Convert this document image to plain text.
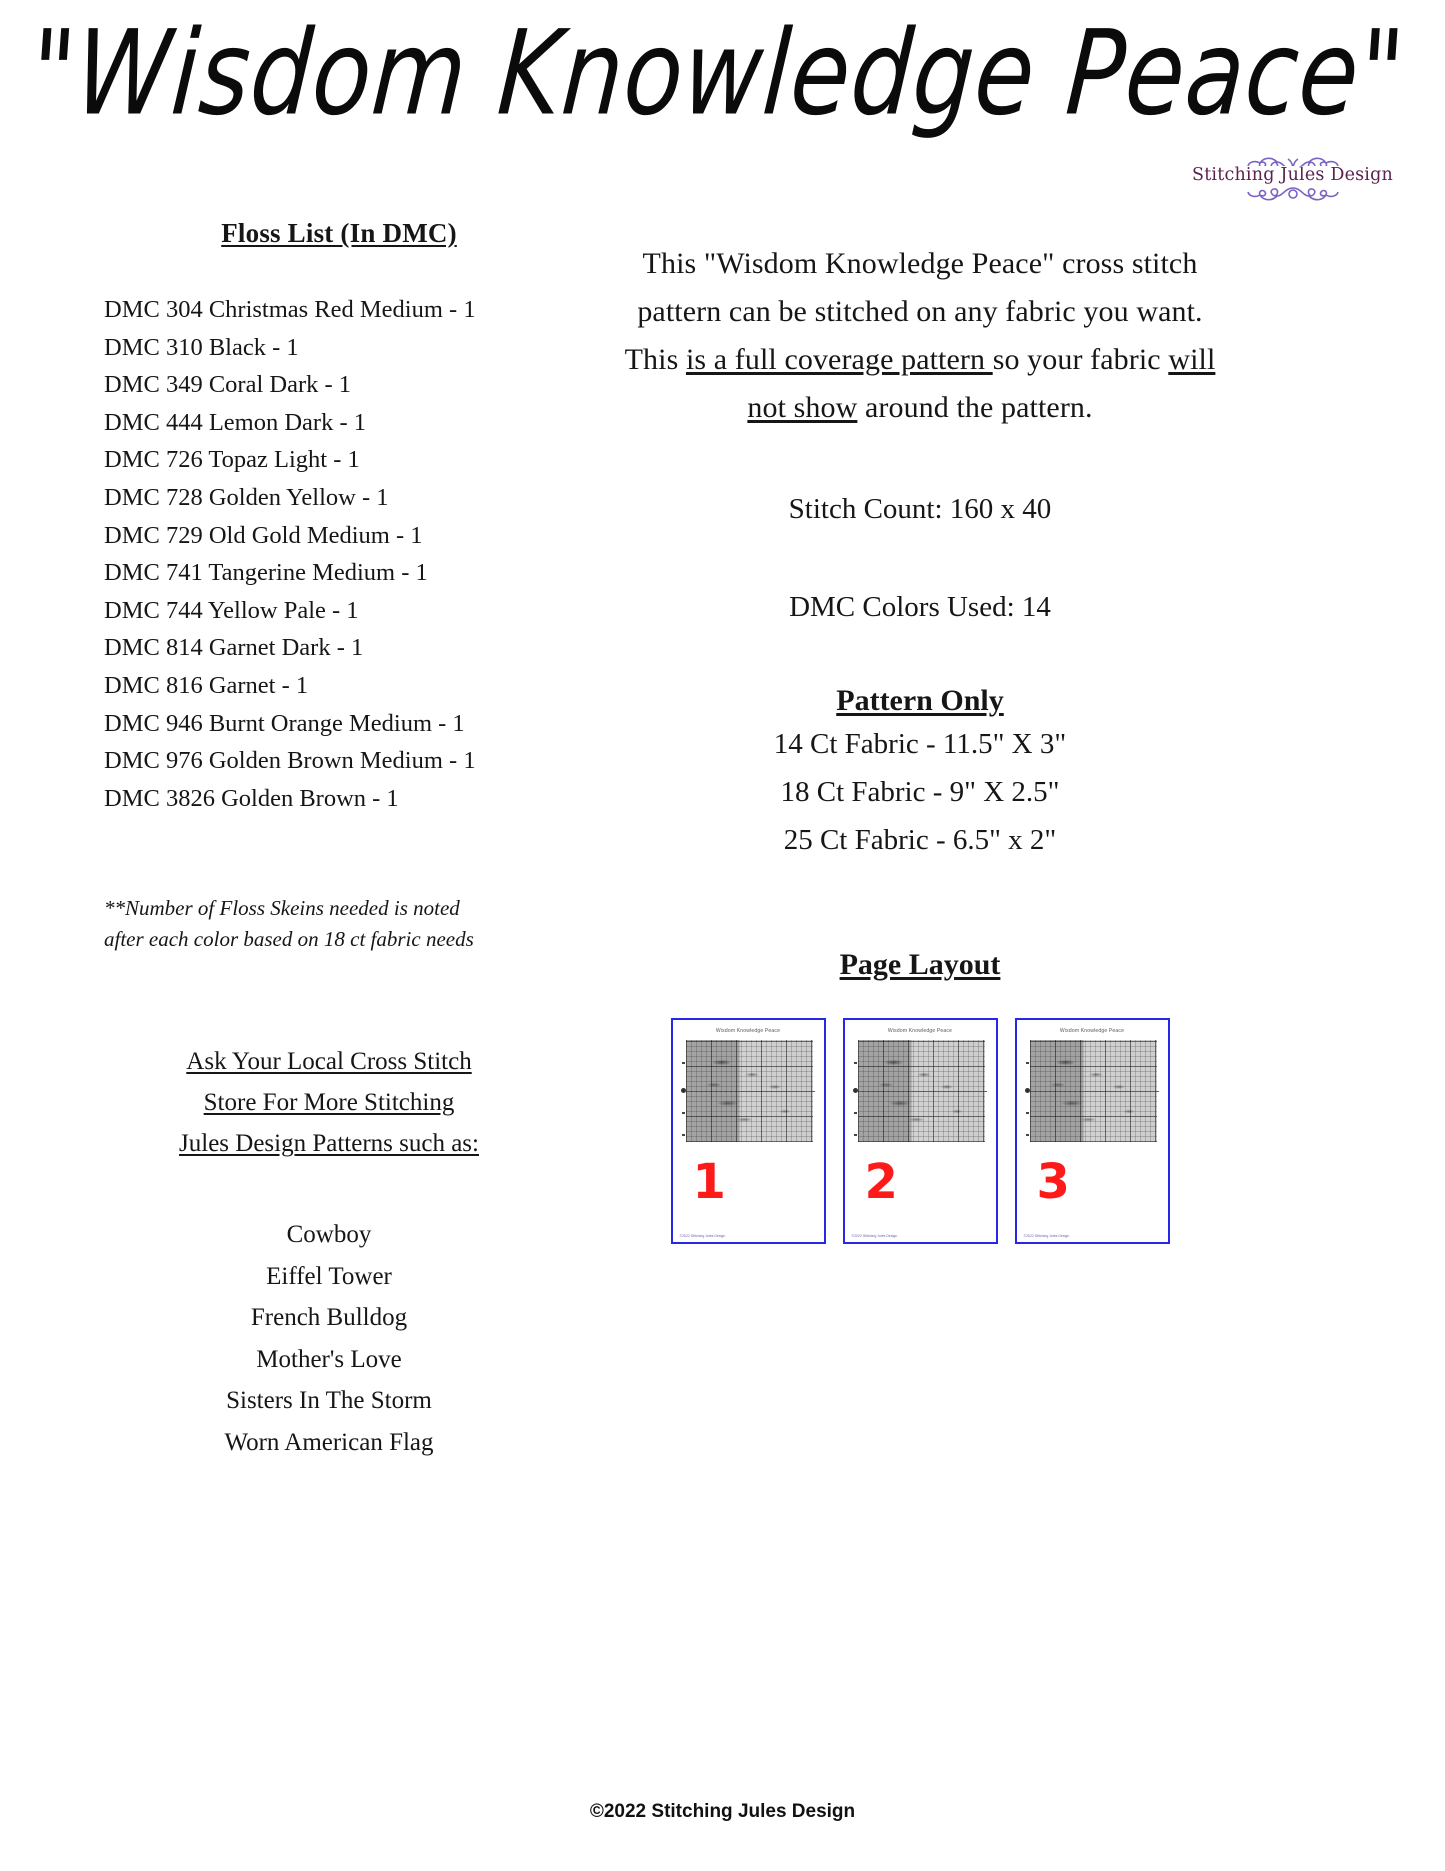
"Wisdom Knowledge Peace"
Stitching Jules Design
Floss List (In DMC)
DMC 304 Christmas Red Medium - 1
DMC 310 Black - 1
DMC 349 Coral Dark - 1
DMC 444 Lemon Dark - 1
DMC 726 Topaz Light - 1
DMC 728 Golden Yellow - 1
DMC 729 Old Gold Medium - 1
DMC 741 Tangerine Medium - 1
DMC 744 Yellow Pale - 1
DMC 814 Garnet Dark - 1
DMC 816 Garnet - 1
DMC 946 Burnt Orange Medium - 1
DMC 976 Golden Brown Medium - 1
DMC 3826 Golden Brown - 1
**Number of Floss Skeins needed is noted
after each color based on 18 ct fabric needs
Ask Your Local Cross Stitch
Store For More Stitching
Jules Design Patterns such as:
Cowboy
Eiffel Tower
French Bulldog
Mother's Love
Sisters In The Storm
Worn American Flag
This "Wisdom Knowledge Peace" cross stitch pattern can be stitched on any fabric you want. This is a full coverage pattern so your fabric will not show around the pattern.
Stitch Count: 160 x 40
DMC Colors Used: 14
Pattern Only
14 Ct Fabric - 11.5" X 3"
18 Ct Fabric - 9" X 2.5"
25 Ct Fabric - 6.5" x 2"
Page Layout
Wisdom Knowledge Peace
1
©2022 Stitching Jules Design
Wisdom Knowledge Peace
2
©2022 Stitching Jules Design
Wisdom Knowledge Peace
3
©2022 Stitching Jules Design
©2022 Stitching Jules Design
